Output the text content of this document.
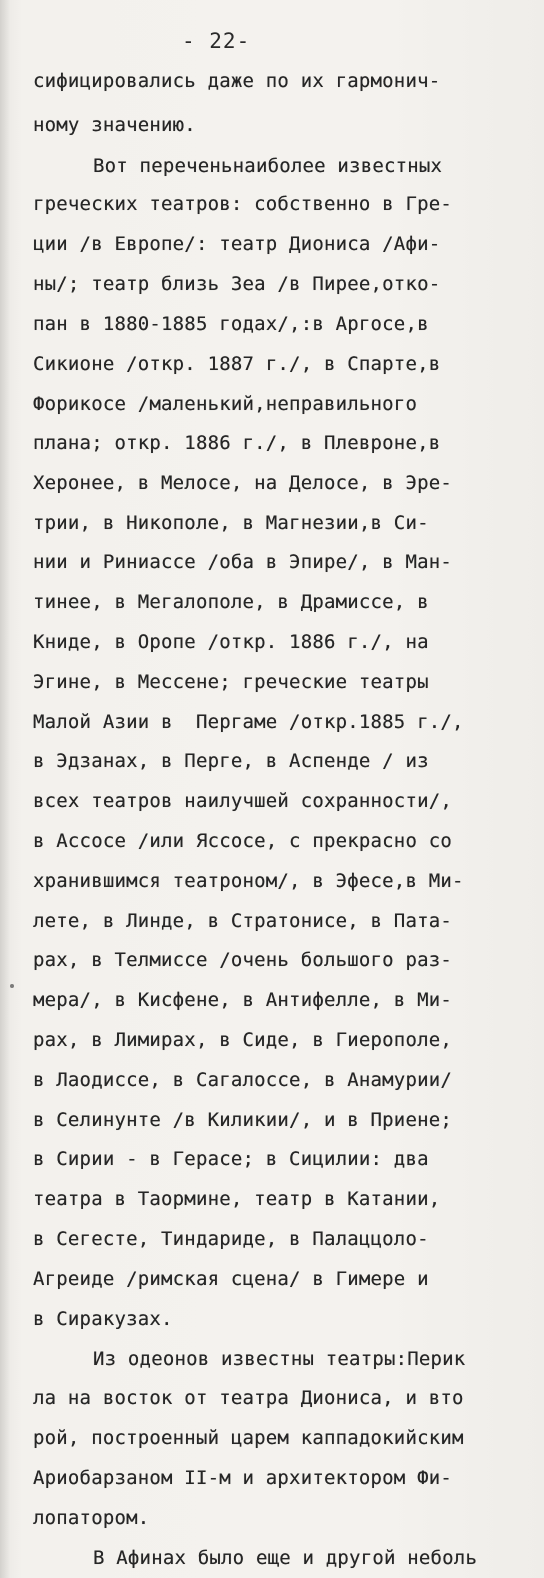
- 22-
сифицировались даже по их гармонич-
ному значению.
Вот переченьнаиболее известных
греческих театров: собственно в Гре-
ции /в Европе/: театр Диониса /Афи-
ны/; театр близь Зеа /в Пирее,отко-
пан в 1880-1885 годах/,:в Аргосе,в
Сикионе /откр. 1887 г./, в Спарте,в
Форикосе /маленький,неправильного
плана; откр. 1886 г./, в Плевроне,в
Херонее, в Мелосе, на Делосе, в Эре-
трии, в Никополе, в Магнезии,в Си-
нии и Риниассе /оба в Эпире/, в Ман-
тинее, в Мегалополе, в Драмиссе, в
Книде, в Оропе /откр. 1886 г./, на
Эгине, в Мессене; греческие театры
Малой Азии в  Пергаме /откр.1885 г./,
в Эдзанах, в Перге, в Аспенде / из
всех театров наилучшей сохранности/,
в Ассосе /или Яссосе, с прекрасно со
хранившимся театроном/, в Эфесе,в Ми-
лете, в Линде, в Стратонисе, в Пата-
рах, в Телмиссе /очень большого раз-
мера/, в Кисфене, в Антифелле, в Ми-
рах, в Лимирах, в Сиде, в Гиерополе,
в Лаодиссе, в Сагалоссе, в Анамурии/
в Селинунте /в Киликии/, и в Приене;
в Сирии - в Герасе; в Сицилии: два
театра в Таормине, театр в Катании,
в Сегесте, Тиндариде, в Палаццоло-
Агреиде /римская сцена/ в Гимере и
в Сиракузах.
Из одеонов известны театры:Перик
ла на восток от театра Диониса, и вто
рой, построенный царем каппадокийским
Ариобарзаном II-м и архитектором Фи-
лопатором.
В Афинах было еще и другой неболь
